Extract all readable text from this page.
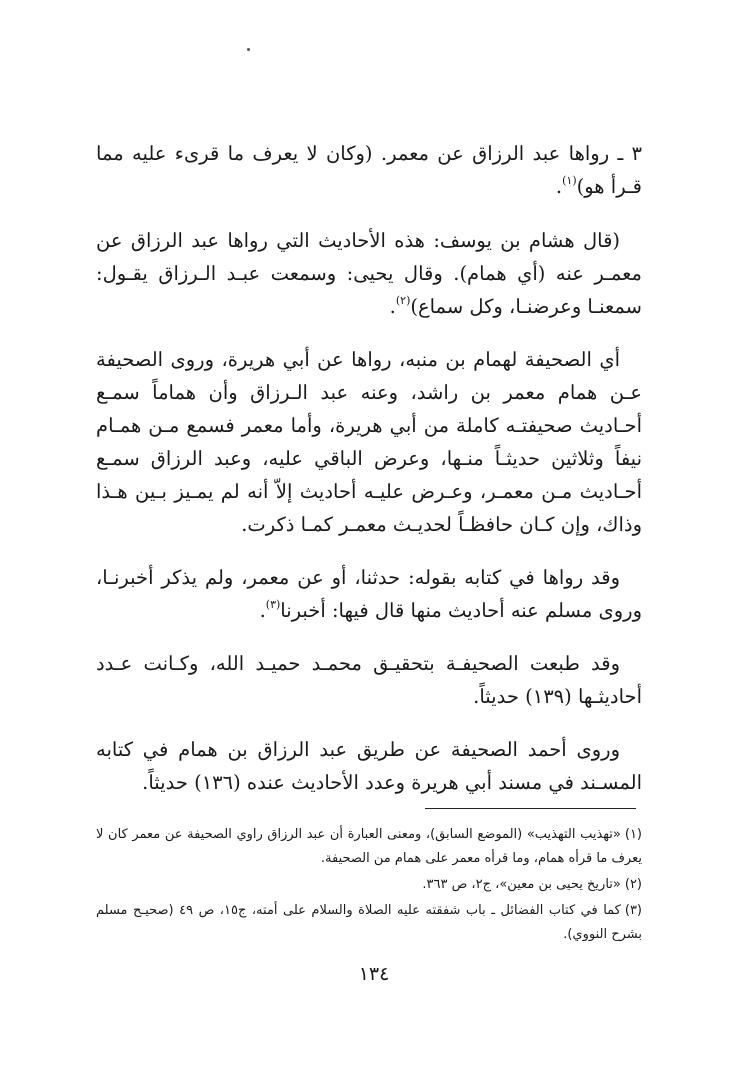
٣ ـ رواها عبد الرزاق عن معمر. (وكان لا يعرف ما قرىء عليه مما قـرأ هو)$^{(١)}$.

(قال هشام بن يوسف: هذه الأحاديث التي رواها عبد الرزاق عن معمـر عنه (أي همام). وقال يحيى: وسمعت عبـد الـرزاق يقـول: سمعنـا وعرضنـا، وكل سماع)$^{(٢)}$.

أي الصحيفة لهمام بن منبه، رواها عن أبي هريرة، وروى الصحيفة عـن همام معمر بن راشد، وعنه عبد الـرزاق وأن هماماً سمـع أحـاديث صحيفتـه كاملة من أبي هريرة، وأما معمر فسمع مـن همـام نيفاً وثلاثين حديثـاً منـها، وعرض الباقي عليه، وعبد الرزاق سمـع أحـاديث مـن معمـر، وعـرض عليـه أحاديث إلاّ أنه لم يمـيز بـين هـذا وذاك، وإن كـان حافظـاً لحديـث معمـر كمـا ذكرت.

وقد رواها في كتابه بقوله: حدثنا، أو عن معمر، ولم يذكر أخبرنـا، وروى مسلم عنه أحاديث منها قال فيها: أخبرنا$^{(٣)}$.

وقد طبعت الصحيفـة بتحقيـق محمـد حميـد الله، وكـانت عـدد أحاديثـها (١٣٩) حديثاً.

وروى أحمد الصحيفة عن طريق عبد الرزاق بن همام في كتابه المسـند في مسند أبي هريرة وعدد الأحاديث عنده (١٣٦) حديثاً.

(١)«تهذيب التهذيب» (الموضع السابق)، ومعنى العبارة أن عبد الرزاق راوي الصحيفة عن معمر كان لا يعرف ما قرأه همام، وما قرأه معمر على همام من الصحيفة.

(٢)«تاريخ يحيى بن معين»، ج٢، ص ٣٦٣.

(٣)كما في كتاب الفضائل ـ باب شفقته عليه الصلاة والسلام على أمته، ج١٥، ص ٤٩ (صحيـح مسلم بشرح النووي).

١٣٤
